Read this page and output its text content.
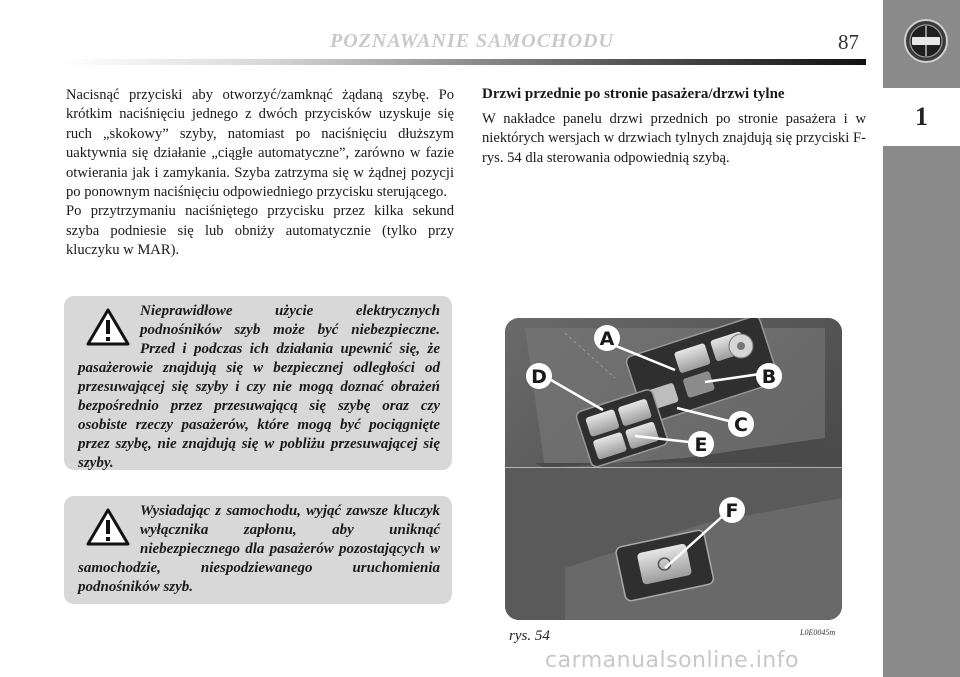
POZNAWANIE SAMOCHODU	87
1

Nacisnąć przyciski aby otworzyć/zamknąć żądaną szybę. Po krótkim naciśnięciu jednego z dwóch przycisków uzyskuje się ruch „skokowy” szyby, natomiast po naciśnięciu dłuższym uaktywnia się działanie „ciągłe automatyczne”, zarówno w fazie otwierania jak i zamykania. Szyba zatrzyma się w żądnej pozycji po ponownym naciśnięciu odpowiedniego przycisku sterującego.

Po przytrzymaniu naciśniętego przycisku przez kilka sekund szyba podniesie się lub obniży automatycznie (tylko przy kluczyku w MAR).

Nieprawidłowe użycie elektrycznych podnośników szyb może być niebezpieczne. Przed i podczas ich działania upewnić się, że pasażerowie znajdują się w bezpiecznej odległości od przesuwającej się szyby i czy nie mogą doznać obrażeń bezpośrednio przez przesuwającą się szybę oraz czy osobiste rzeczy pasażerów, które mogą być pociągnięte przez szybę, nie znajdują się w pobliżu przesuwającej się szyby.
Wysiadając z samochodu, wyjąć zawsze kluczyk wyłącznika zapłonu, aby uniknąć niebezpiecznego dla pasażerów pozostających w samochodzie, niespodziewanego uruchomienia podnośników szyb.
Drzwi przednie po stronie pasażera/drzwi tylne

W nakładce panelu drzwi przednich po stronie pasażera i w niektórych wersjach w drzwiach tylnych znajdują się przyciski F-rys. 54 dla sterowania odpowiednią szybą.

A
B
C
D
E
F
rys. 54	L0E0045m
carmanualsonline.info
